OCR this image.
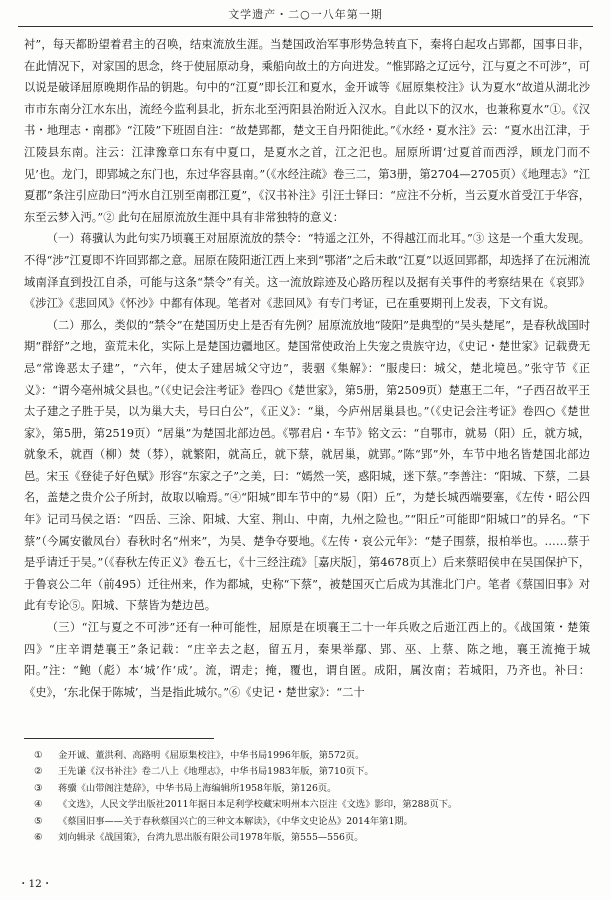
文学遗产・二○一八年第一期

衬”，每天都盼望着君主的召唤，结束流放生涯。当楚国政治军事形势急转直下，秦将白起攻占郢都，国事日非，在此情况下，对家国的思念，终于使屈原动身，乘船向故土的方向进发。“惟郢路之辽远兮，江与夏之不可涉”，可以说是破译屈原晚期作品的钥匙。句中的“江夏”即长江和夏水，金开诚等《屈原集校注》认为夏水“故道从湖北沙市市东南分江水东出，流经今监利县北，折东北至沔阳县治附近入汉水。自此以下的汉水，也兼称夏水”①。《汉书・地理志・南郡》“江陵”下班固自注：“故楚郢都，楚文王自丹阳徙此。”《水经・夏水注》云：“夏水出江津，于江陵县东南。注云：江津豫章口东有中夏口，是夏水之首，江之汜也。屈原所谓‘过夏首而西浮，顾龙门而不见’也。龙门，即郢城之东门也，东过华容县南。”（《水经注疏》卷三二，第3册，第2704—2705页）《地理志》“江夏郡”条注引应劭曰“沔水自江别至南郡江夏”，《汉书补注》引汪士铎曰：“应注不分析，当云夏水首受江于华容，东至云梦入沔。”② 此句在屈原流放生涯中具有非常独特的意义：

（一）蒋骥认为此句实乃顷襄王对屈原流放的禁令：“特遥之江外，不得越江而北耳。”③ 这是一个重大发现。不得“涉”江夏即不许回郢都之意。屈原在陵阳逝江西上来到“鄂渚”之后未敢“江夏”以返回郢都，却选择了在沅湘流域南泽直到投江自杀，可能与这条“禁令”有关。这一流放踪迹及心路历程以及据有关事件的考察结果在《哀郢》《涉江》《悲回风》《怀沙》中都有体现。笔者对《悲回风》有专门考证，已在重要期刊上发表，下文有说。

（二）那么，类似的“禁令”在楚国历史上是否有先例？屈原流放地“陵阳”是典型的“吴头楚尾”，是春秋战国时期“群舒”之地，蛮荒未化，实际上是楚国边疆地区。楚国常使政治上失宠之贵族守边，《史记・楚世家》记载费无忌“常谗恶太子建”，“六年，使太子建居城父守边”，裴骃《集解》：“服虔曰：城父，楚北境邑。”张守节《正义》：“谓今亳州城父县也。”（《史记会注考证》卷四○《楚世家》，第5册，第2509页）楚惠王二年，“子西召故平王太子建之子胜于吴，以为巢大夫，号曰白公”，《正义》：“巢，今庐州居巢县也。”（《史记会注考证》卷四○《楚世家》，第5册，第2519页）“居巢”为楚国北部边邑。《鄂君启・车节》铭文云：“自鄂市，就易（阳）丘，就方城，就象禾，就酉（柳）焚（棼），就繁阳，就高丘，就下蔡，就居巢，就郢。”陈“郢”外，车节中地名皆楚国北部边邑。宋玉《登徒子好色赋》形容“东家之子”之美，曰：“嫣然一笑，惑阳城，迷下蔡。”李善注：“阳城、下蔡，二县名，盖楚之贵介公子所封，故取以喻焉。”④“阳城”即车节中的“易（阳）丘”，为楚长城西端要塞，《左传・昭公四年》记司马侯之语：“四岳、三涂、阳城、大室、荆山、中南，九州之险也。”“阳丘”可能即“阳城口”的异名。“下蔡”（今属安徽凤台）春秋时名“州来”，为吴、楚争夺要地。《左传・哀公元年》：“楚子围蔡，报柏举也。……蔡于是乎请迁于吴。”（《春秋左传正义》卷五七，《十三经注疏》［嘉庆版］，第4678页上）后来蔡昭侯申在吴国保护下，于鲁哀公二年（前495）迁往州来，作为都城，史称“下蔡”，被楚国灭亡后成为其淮北门户。笔者《蔡国旧事》对此有专论⑤。阳城、下蔡皆为楚边邑。

（三）“江与夏之不可涉”还有一种可能性，屈原是在顷襄王二十一年兵败之后逝江西上的。《战国策・楚策四》“庄辛谓楚襄王”条记载：“庄辛去之赵，留五月，秦果举鄢、郢、巫、上蔡、陈之地，襄王流掩于城阳。”注：“鲍（彪）本‘城’作‘成’。流，谓走；掩，覆也，谓自匿。成阳，属汝南；若城阳，乃齐也。补曰：《史》，‘东北保于陈城’，当是指此城尔。”⑥《史记・楚世家》：“二十

①	金开诚、董洪利、高路明《屈原集校注》，中华书局1996年版，第572页。
②	王先谦《汉书补注》卷二八上《地理志》，中华书局1983年版，第710页下。
③	蒋骥《山带阁注楚辞》，中华书局上海编辑所1958年版，第126页。
④	《文选》，人民文学出版社2011年据日本足利学校藏宋明州本六臣注《文选》影印，第288页下。
⑤	《蔡国旧事——关于春秋蔡国兴亡的三种文本解读》，《中华文史论丛》2014年第1期。
⑥	刘向辑录《战国策》，台湾九思出版有限公司1978年版，第555—556页。
・12・
